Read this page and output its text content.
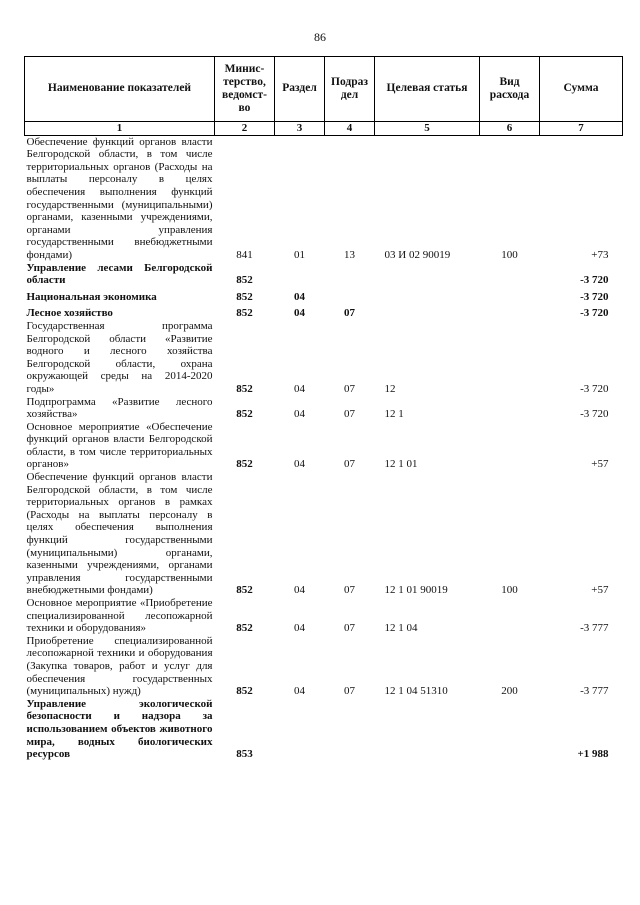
86
Наименование показателей	Минис-терство, ведомст-во	Раздел	Подраз дел	Целевая статья	Вид расхода	Сумма
1	2	3	4	5	6	7
Обеспечение функций органов власти Белгородской области, в том числе территориальных органов (Расходы на выплаты персоналу в целях обеспечения выполнения функций государственными (муниципальными) органами, казенными учреждениями, органами управления государственными внебюджетными фондами)	841	01	13	03 И 02 90019	100	+73
Управление лесами Белгородской области	852					-3 720
Национальная экономика	852	04				-3 720
Лесное хозяйство	852	04	07			-3 720
Государственная программа Белгородской области «Развитие водного и лесного хозяйства Белгородской области, охрана окружающей среды на 2014-2020 годы»	852	04	07	12		-3 720
Подпрограмма «Развитие лесного хозяйства»	852	04	07	12 1		-3 720
Основное мероприятие «Обеспечение функций органов власти Белгородской области, в том числе территориальных органов»	852	04	07	12 1 01		+57
Обеспечение функций органов власти Белгородской области, в том числе территориальных органов в рамках (Расходы на выплаты персоналу в целях обеспечения выполнения функций государственными (муниципальными) органами, казенными учреждениями, органами управления государственными внебюджетными фондами)	852	04	07	12 1 01 90019	100	+57
Основное мероприятие «Приобретение специализированной лесопожарной техники и оборудования»	852	04	07	12 1 04		-3 777
Приобретение специализированной лесопожарной техники и оборудования (Закупка товаров, работ и услуг для обеспечения государственных (муниципальных) нужд)	852	04	07	12 1 04 51310	200	-3 777
Управление экологической безопасности и надзора за использованием объектов животного мира, водных биологических ресурсов	853					+1 988
